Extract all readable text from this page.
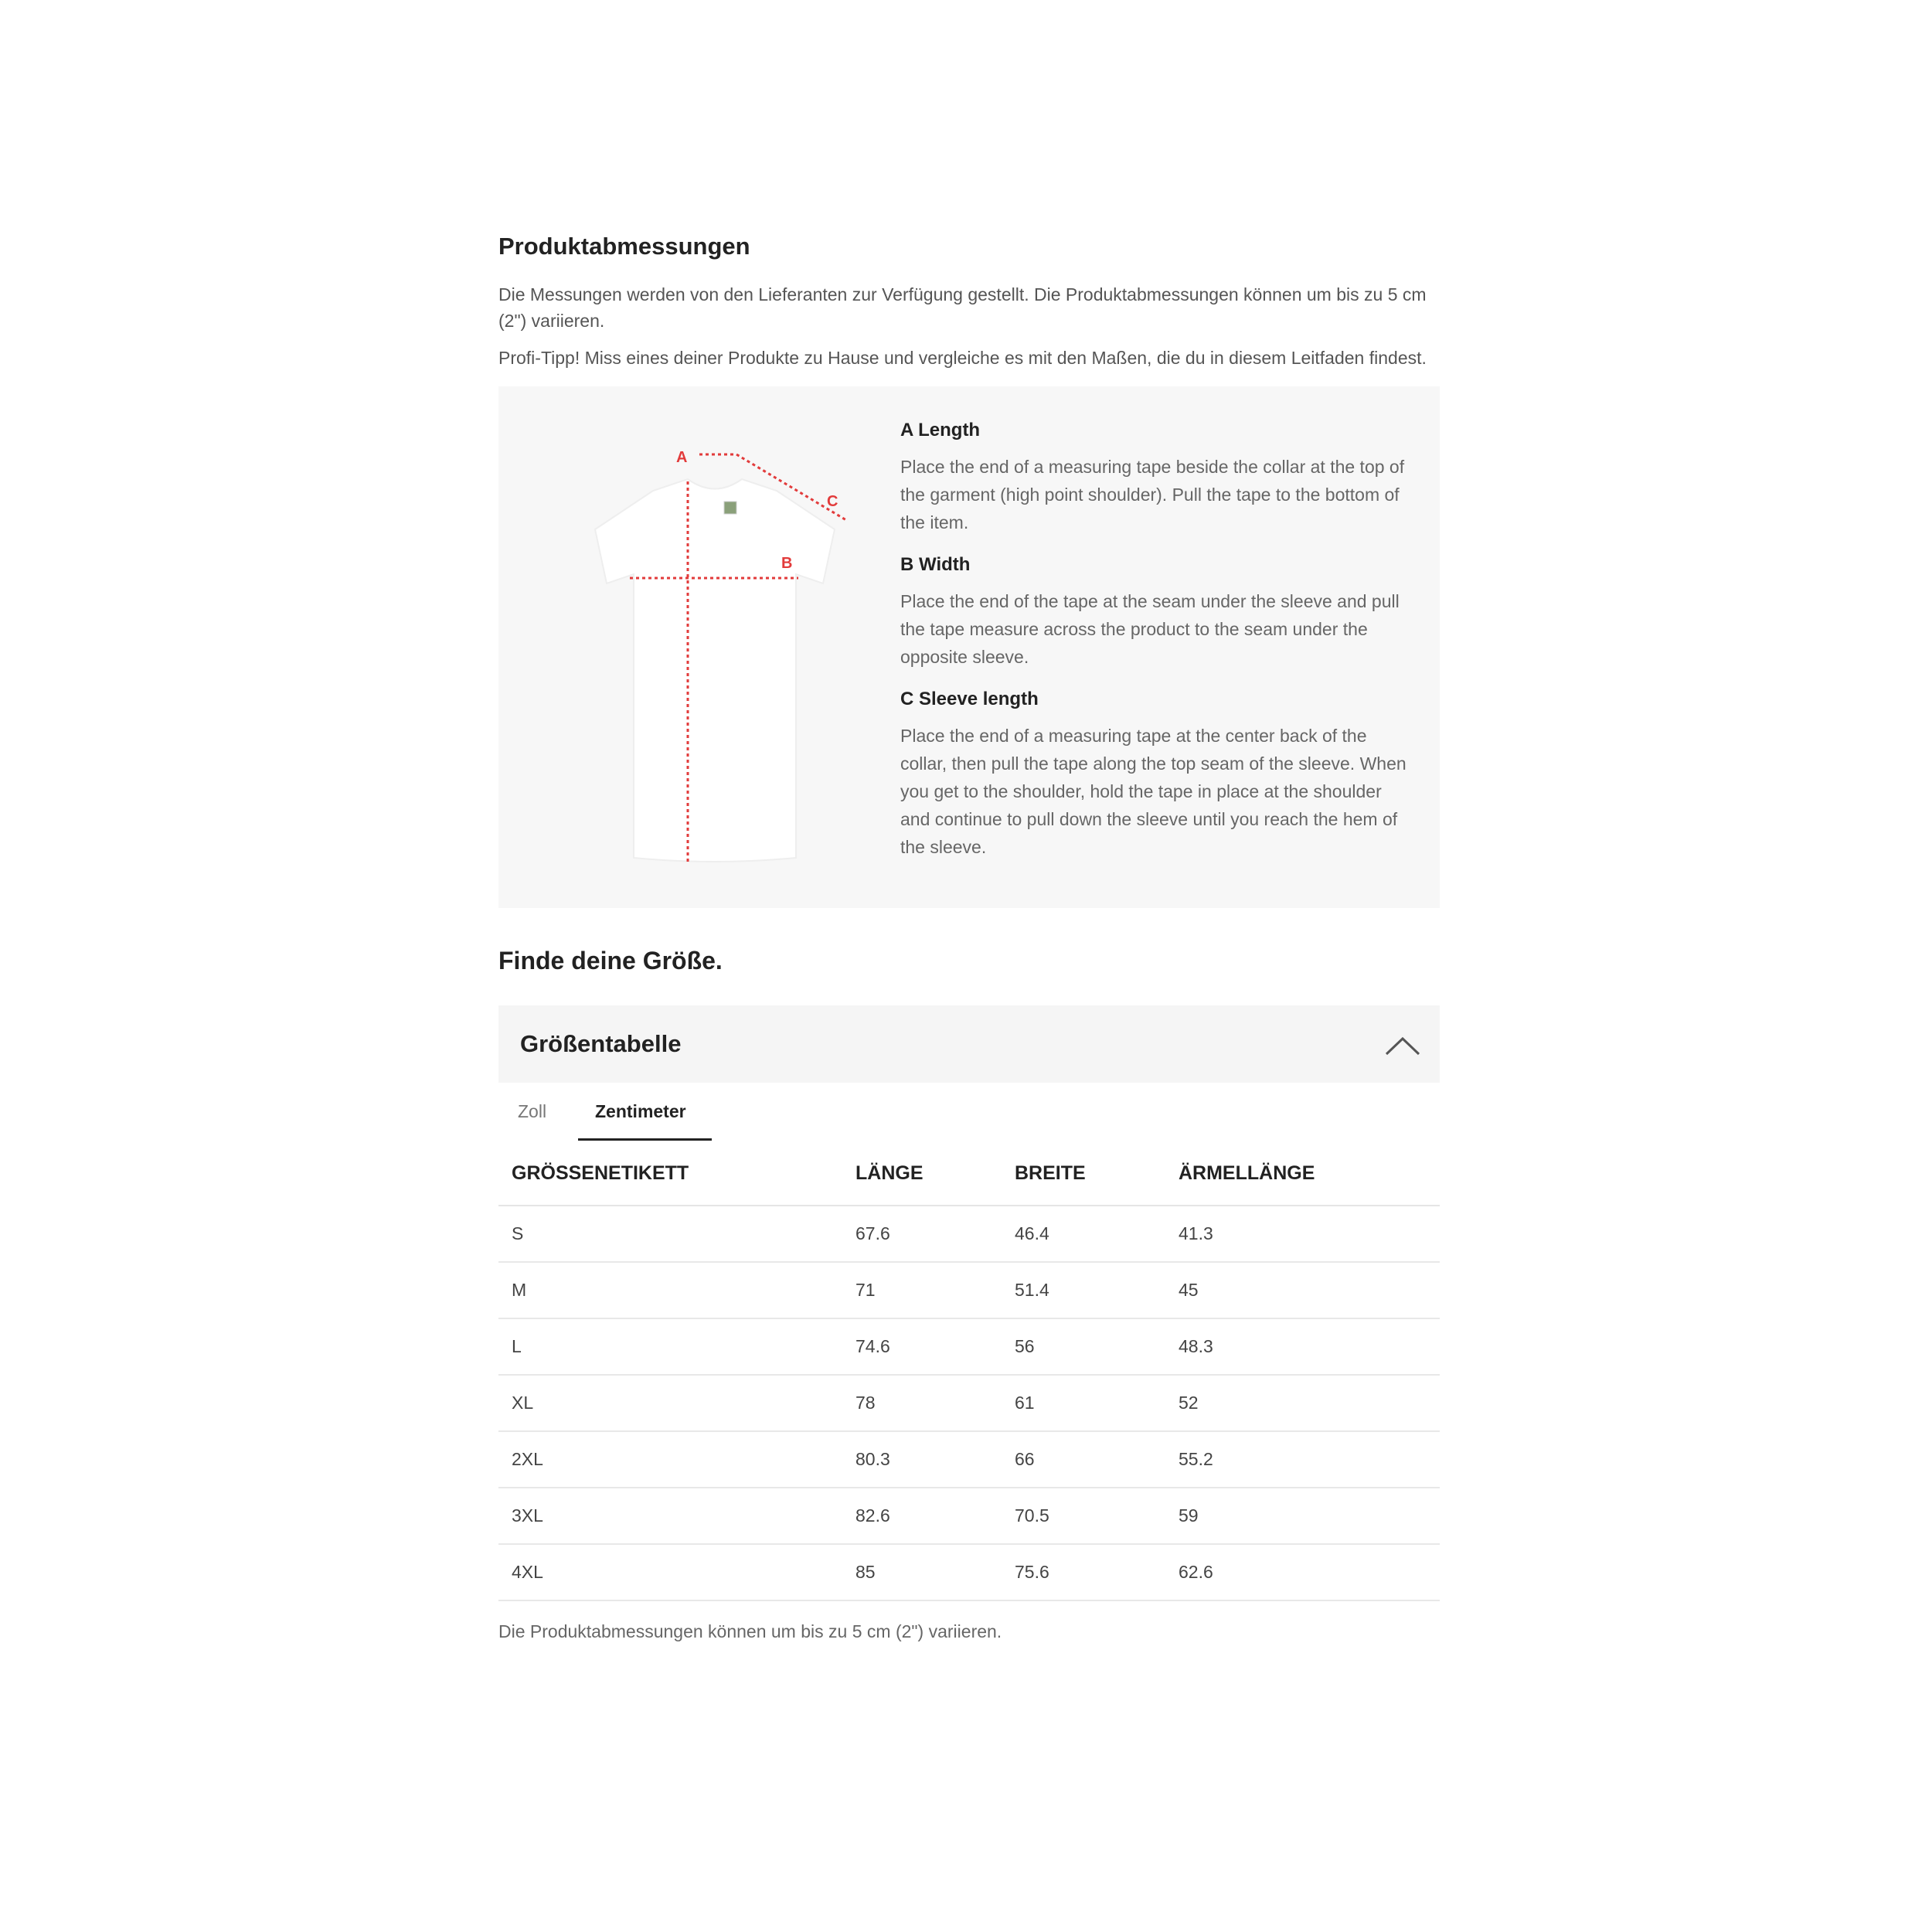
Produktabmessungen

Die Messungen werden von den Lieferanten zur Verfügung gestellt. Die Produktabmessungen können um bis zu 5 cm (2") variieren.

Profi-Tipp! Miss eines deiner Produkte zu Hause und vergleiche es mit den Maßen, die du in diesem Leitfaden findest.

A
B
C
A Length
Place the end of a measuring tape beside the collar at the top of the garment (high point shoulder). Pull the tape to the bottom of the item.
B Width
Place the end of the tape at the seam under the sleeve and pull the tape measure across the product to the seam under the opposite sleeve.
C Sleeve length
Place the end of a measuring tape at the center back of the collar, then pull the tape along the top seam of the sleeve. When you get to the shoulder, hold the tape in place at the shoulder and continue to pull down the sleeve until you reach the hem of the sleeve.
Finde deine Größe.
Größentabelle
Zoll	Zentimeter
GRÖSSENETIKETT	LÄNGE	BREITE	ÄRMELLÄNGE
S	67.6	46.4	41.3
M	71	51.4	45
L	74.6	56	48.3
XL	78	61	52
2XL	80.3	66	55.2
3XL	82.6	70.5	59
4XL	85	75.6	62.6

Die Produktabmessungen können um bis zu 5 cm (2") variieren.
